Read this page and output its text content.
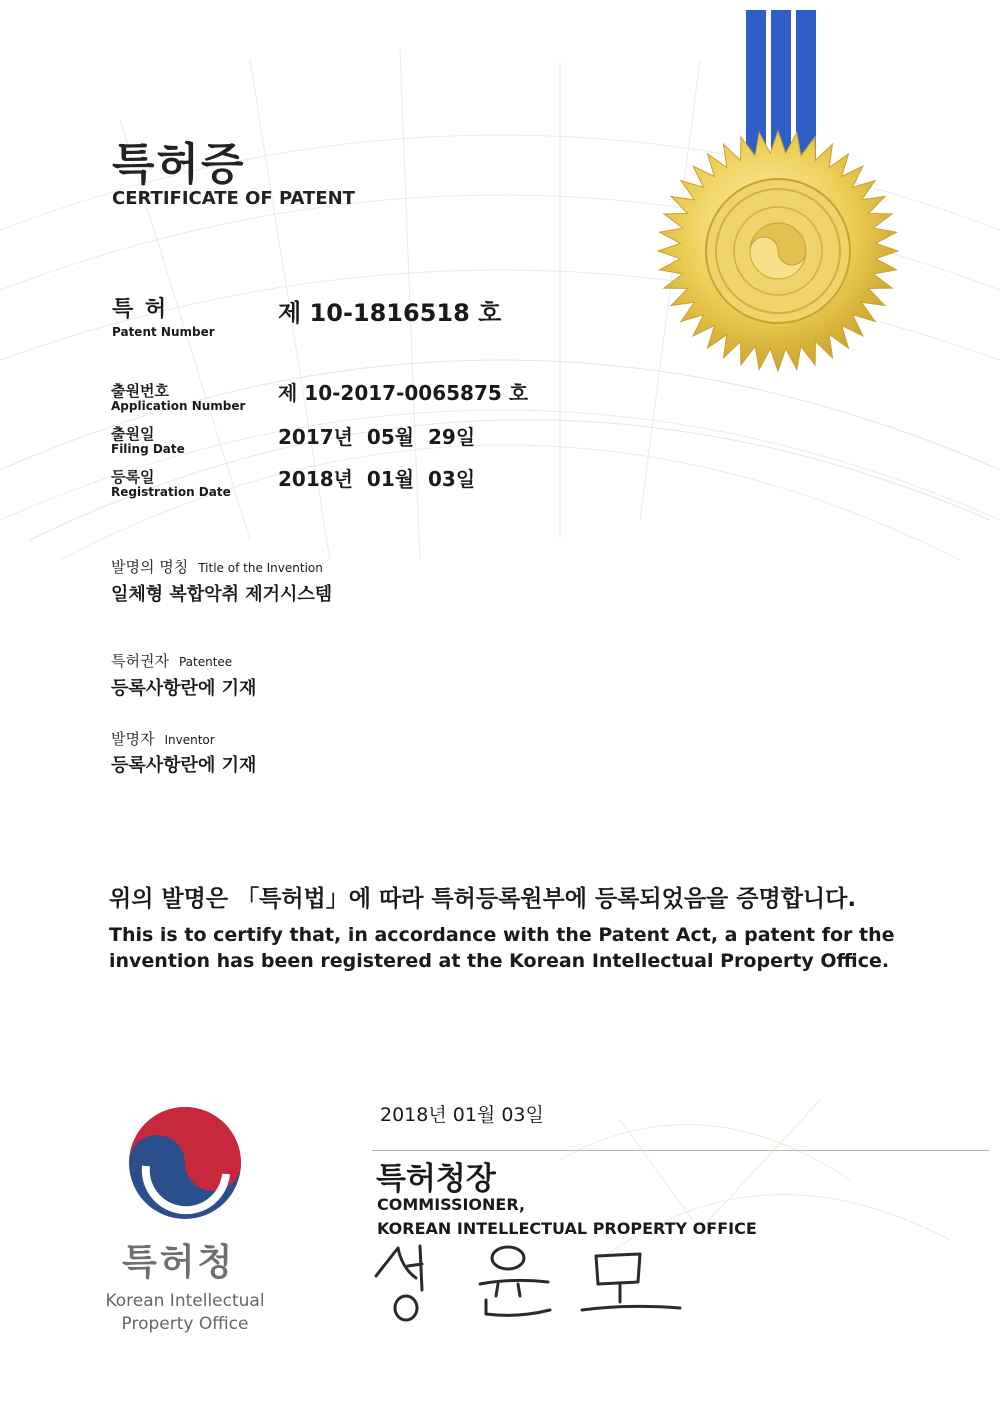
특허증
CERTIFICATE OF PATENT
특 허
Patent Number
제 10-1816518 호
출원번호
Application Number
제 10-2017-0065875 호
출원일
Filing Date	2017년  05월  29일
등록일
Registration Date
2018년  01월  03일
발명의 명칭 Title of the Invention
일체형 복합악취 제거시스템
특허권자 Patentee
등록사항란에 기재
발명자 Inventor
등록사항란에 기재
위의 발명은 「특허법」에 따라 특허등록원부에 등록되었음을 증명합니다.
This is to certify that, in accordance with the Patent Act, a patent for the invention has been registered at the Korean Intellectual Property Office.
특허청
Korean Intellectual Property Office
2018년 01월 03일
특허청장
COMMISSIONER,
KOREAN INTELLECTUAL PROPERTY OFFICE
